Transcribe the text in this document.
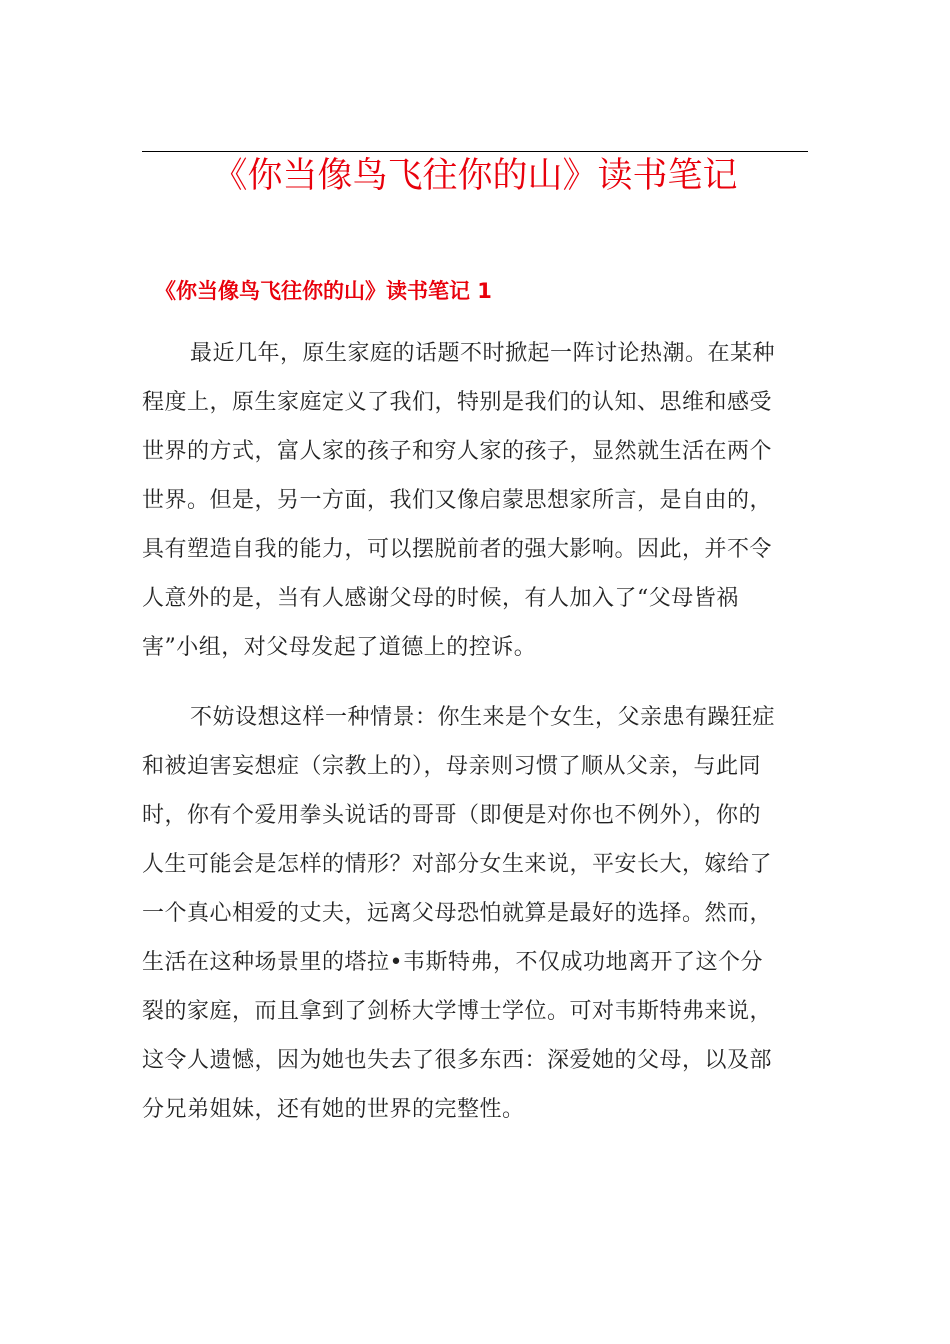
《你当像鸟飞往你的山》读书笔记
《你当像鸟飞往你的山》读书笔记 1

最近几年，原生家庭的话题不时掀起一阵讨论热潮。在某种
程度上，原生家庭定义了我们，特别是我们的认知、思维和感受
世界的方式，富人家的孩子和穷人家的孩子，显然就生活在两个
世界。但是，另一方面，我们又像启蒙思想家所言，是自由的，
具有塑造自我的能力，可以摆脱前者的强大影响。因此，并不令
人意外的是，当有人感谢父母的时候，有人加入了“父母皆祸
害”小组，对父母发起了道德上的控诉。

不妨设想这样一种情景：你生来是个女生，父亲患有躁狂症
和被迫害妄想症（宗教上的），母亲则习惯了顺从父亲，与此同
时，你有个爱用拳头说话的哥哥（即便是对你也不例外），你的
人生可能会是怎样的情形？对部分女生来说，平安长大，嫁给了
一个真心相爱的丈夫，远离父母恐怕就算是最好的选择。然而，
生活在这种场景里的塔拉•韦斯特弗，不仅成功地离开了这个分
裂的家庭，而且拿到了剑桥大学博士学位。可对韦斯特弗来说，
这令人遗憾，因为她也失去了很多东西：深爱她的父母，以及部
分兄弟姐妹，还有她的世界的完整性。
